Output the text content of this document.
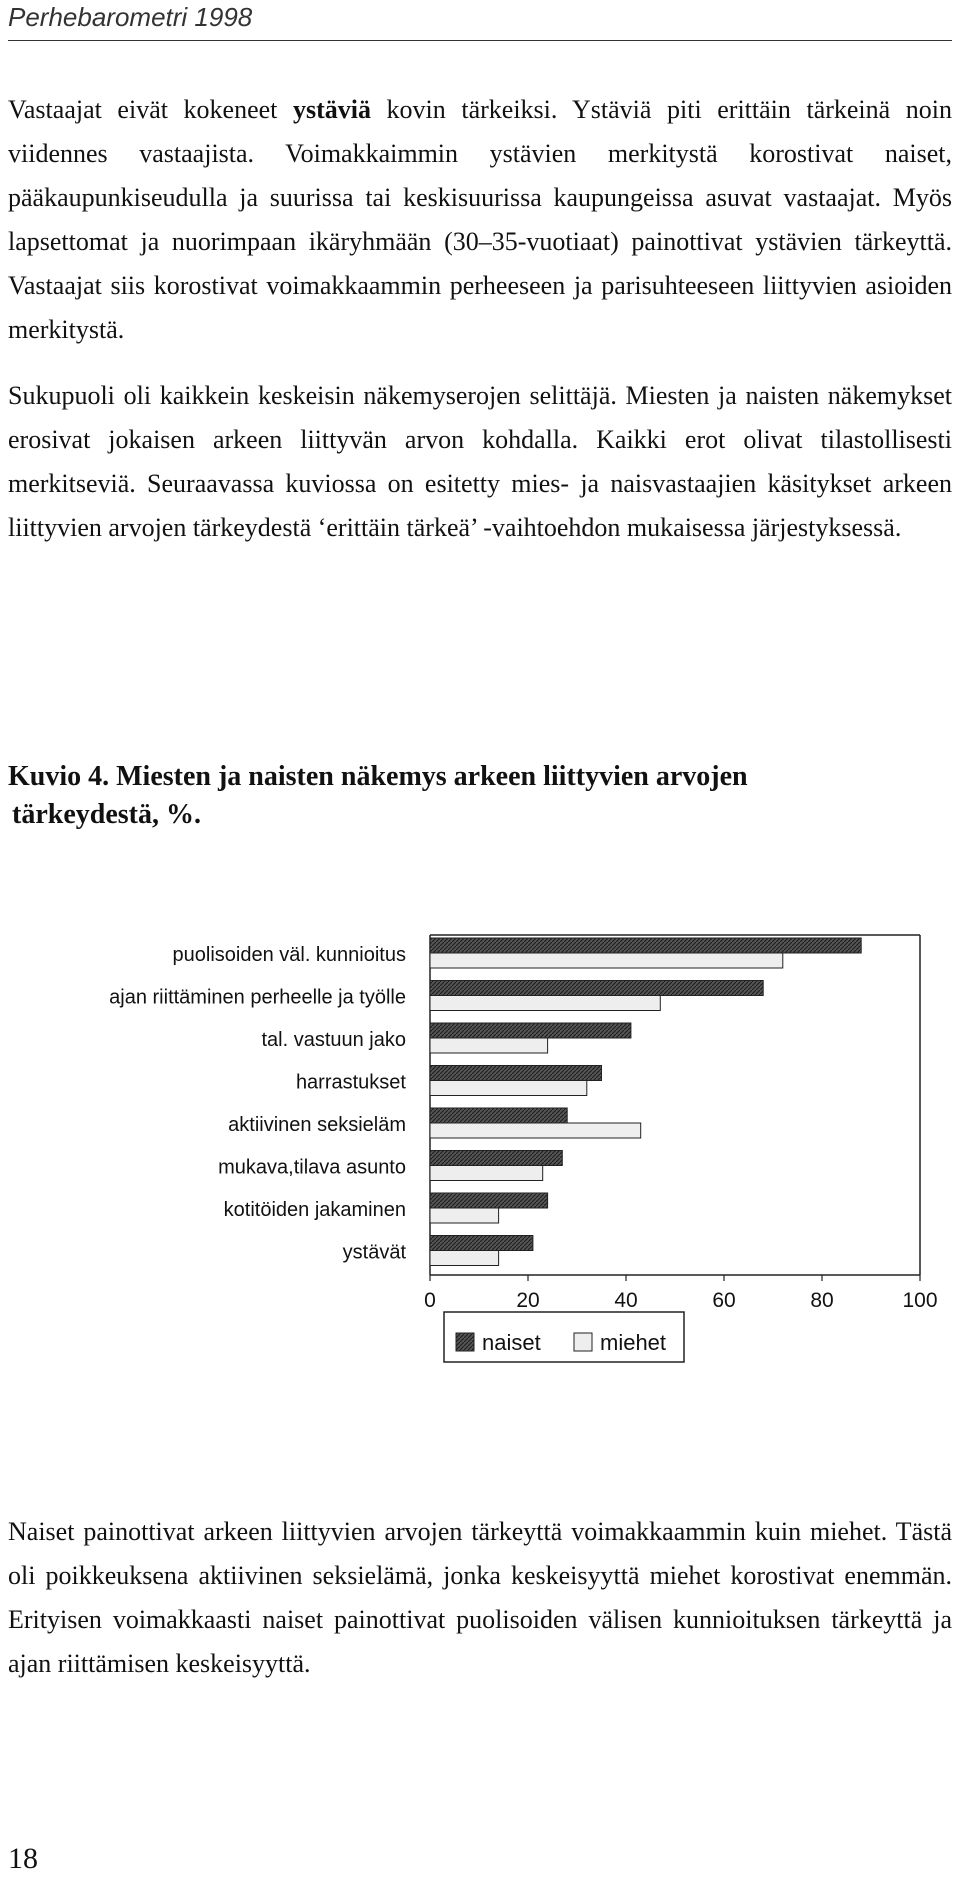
Perhebarometri 1998

Vastaajat eivät kokeneet ystäviä kovin tärkeiksi. Ystäviä piti erittäin tärkeinä noin viidennes vastaajista. Voimakkaimmin ystävien merkitystä korostivat naiset, pääkaupunkiseudulla ja suurissa tai keskisuurissa kaupungeissa asuvat vastaajat. Myös lapsettomat ja nuorimpaan ikäryhmään (30–35-vuotiaat) painottivat ystävien tärkeyttä. Vastaajat siis korostivat voimakkaammin perheeseen ja parisuhteeseen liittyvien asioiden merkitystä.

Sukupuoli oli kaikkein keskeisin näkemyserojen selittäjä. Miesten ja naisten näkemykset erosivat jokaisen arkeen liittyvän arvon kohdalla. Kaikki erot olivat tilastollisesti merkitseviä. Seuraavassa kuviossa on esitetty mies- ja naisvastaajien käsitykset arkeen liittyvien arvojen tärkeydestä ‘erittäin tärkeä’ -vaihtoehdon mukaisessa järjestyksessä.

Kuvio 4. Miesten ja naisten näkemys arkeen liittyvien arvojen
tärkeydestä, %.
puolisoiden väl. kunnioitus
ajan riittäminen perheelle ja työlle
tal. vastuun jako
harrastukset
aktiivinen seksieläm
mukava,tilava asunto
kotitöiden jakaminen
ystävät
0	20	40	60	80	100
naiset	miehet

Naiset painottivat arkeen liittyvien arvojen tärkeyttä voimakkaammin kuin miehet. Tästä oli poikkeuksena aktiivinen seksielämä, jonka keskeisyyttä miehet korostivat enemmän. Erityisen voimakkaasti naiset painottivat puolisoiden välisen kunnioituksen tärkeyttä ja ajan riittämisen keskeisyyttä.

18
